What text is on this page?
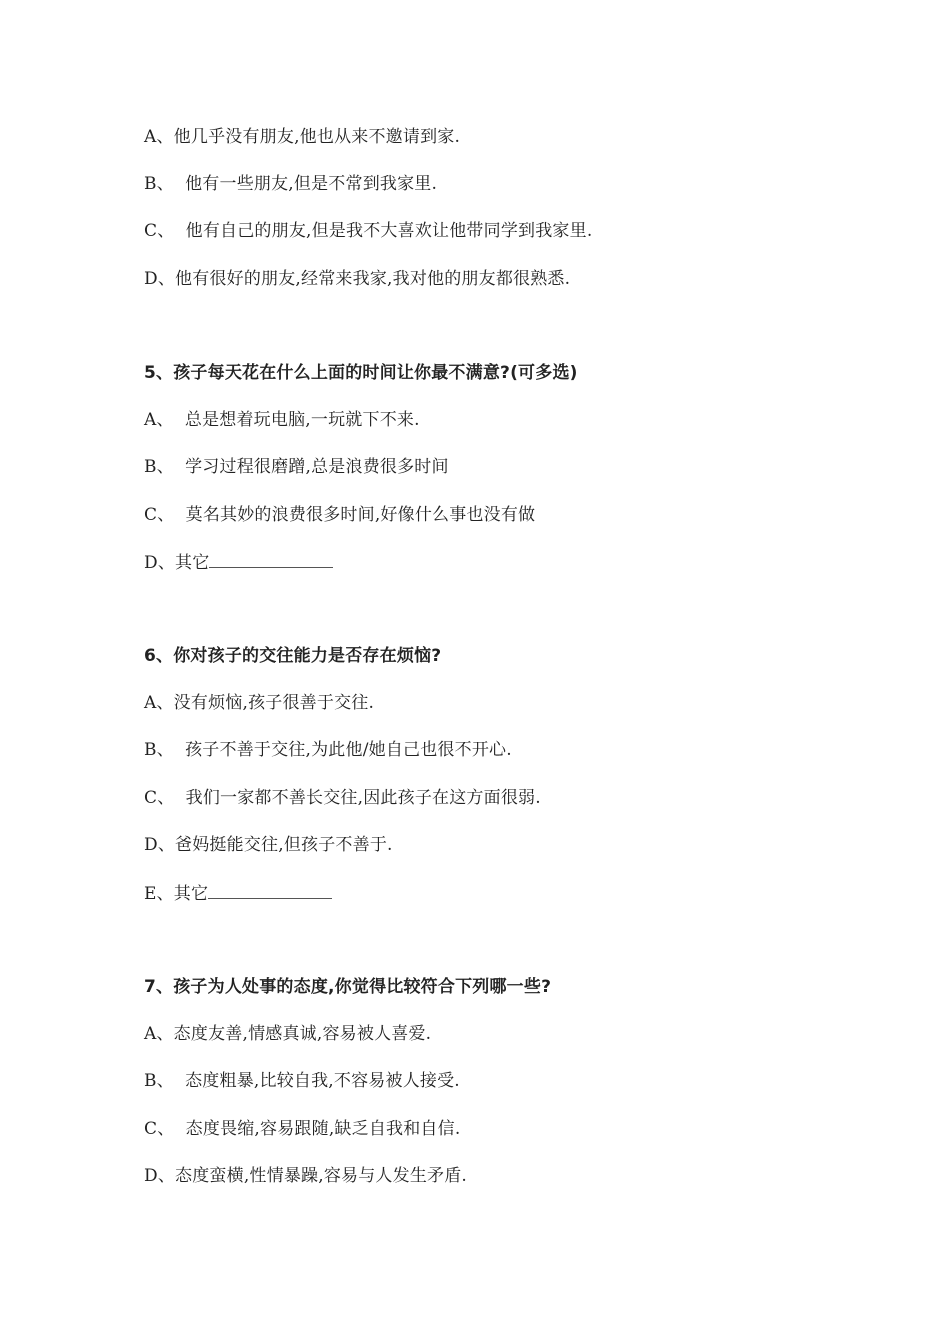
A、他几乎没有朋友,他也从来不邀请到家.
B、  他有一些朋友,但是不常到我家里.
C、  他有自己的朋友,但是我不大喜欢让他带同学到我家里.
D、他有很好的朋友,经常来我家,我对他的朋友都很熟悉.
5、孩子每天花在什么上面的时间让你最不满意?(可多选)
A、  总是想着玩电脑,一玩就下不来.
B、  学习过程很磨蹭,总是浪费很多时间
C、  莫名其妙的浪费很多时间,好像什么事也没有做
D、其它
6、你对孩子的交往能力是否存在烦恼?
A、没有烦恼,孩子很善于交往.
B、  孩子不善于交往,为此他/她自己也很不开心.
C、  我们一家都不善长交往,因此孩子在这方面很弱.
D、爸妈挺能交往,但孩子不善于.
E、其它
7、孩子为人处事的态度,你觉得比较符合下列哪一些?
A、态度友善,情感真诚,容易被人喜爱.
B、  态度粗暴,比较自我,不容易被人接受.
C、  态度畏缩,容易跟随,缺乏自我和自信.
D、态度蛮横,性情暴躁,容易与人发生矛盾.
